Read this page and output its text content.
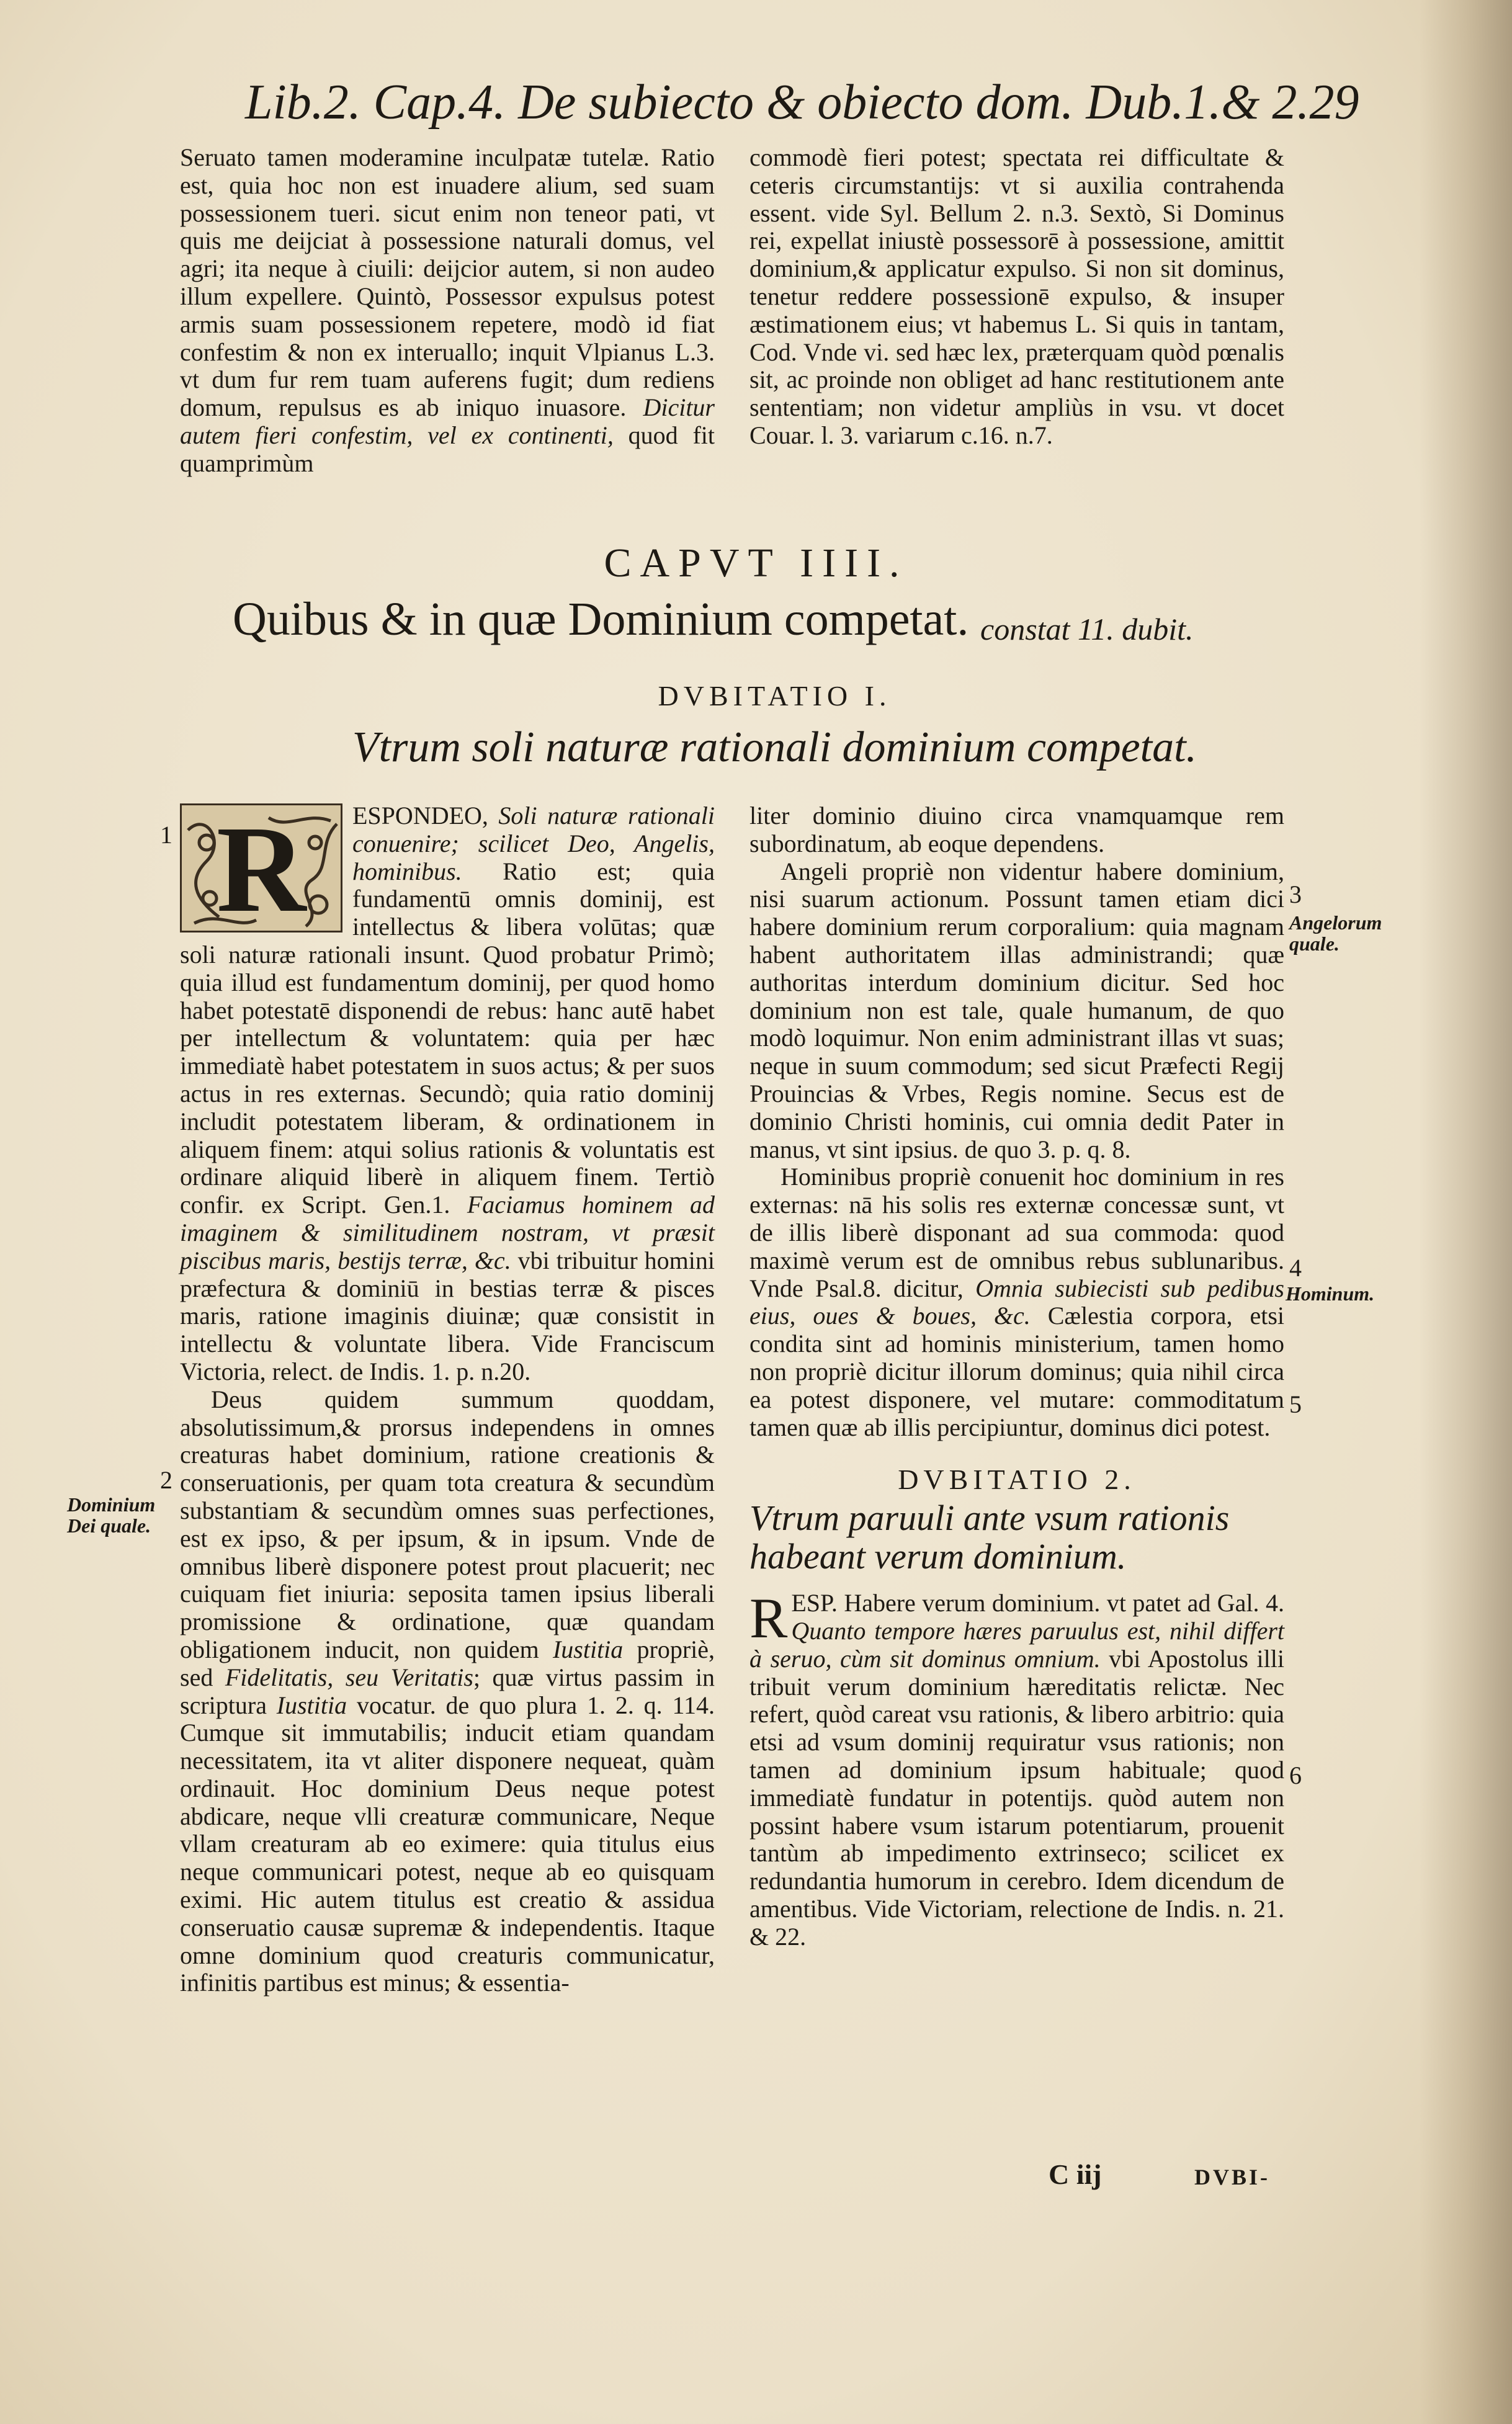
Lib.2. Cap.4. De subiecto & obiecto dom. Dub.1.& 2. 29

Seruato tamen moderamine inculpatæ tutelæ. Ratio est, quia hoc non est inuadere alium, sed suam possessionem tueri. sicut enim non teneor pati, vt quis me deijciat à possessione naturali domus, vel agri; ita neque à ciuili: deijcior autem, si non audeo illum expellere. Quintò, Possessor expulsus potest armis suam possessionem repetere, modò id fiat confestim & non ex interuallo; inquit Vlpianus L.3. vt dum fur rem tuam auferens fugit; dum rediens domum, repulsus es ab iniquo inuasore. Dicitur autem fieri confestim, vel ex continenti, quod fit quamprimùm

commodè fieri potest; spectata rei difficultate & ceteris circumstantijs: vt si auxilia contrahenda essent. vide Syl. Bellum 2. n.3. Sextò, Si Dominus rei, expellat iniustè possessorē à possessione, amittit dominium,& applicatur expulso. Si non sit dominus, tenetur reddere possessionē expulso, & insuper æstimationem eius; vt habemus L. Si quis in tantam, Cod. Vnde vi. sed hæc lex, præterquam quòd pœnalis sit, ac proinde non obliget ad hanc restitutionem ante sententiam; non videtur ampliùs in vsu. vt docet Couar. l. 3. variarum c.16. n.7.

CAPVT IIII.
Quibus & in quæ Dominium competat. constat 11. dubit.
DVBITATIO I.
Vtrum soli naturæ rationali dominium competat.
R	ESPONDEO, Soli naturæ rationali conuenire; scilicet Deo, Angelis, hominibus. Ratio est; quia fundamentū omnis dominij, est intellectus & libera volūtas; quæ soli naturæ rationali insunt. Quod probatur Primò; quia illud est fundamentum dominij, per quod homo habet potestatē disponendi de rebus: hanc autē habet per intellectum & voluntatem: quia per hæc immediatè habet potestatem in suos actus; & per suos actus in res externas. Secundò; quia ratio dominij includit potestatem liberam, & ordinationem in aliquem finem: atqui solius rationis & voluntatis est ordinare aliquid liberè in aliquem finem. Tertiò confir. ex Script. Gen.1. Faciamus hominem ad imaginem & similitudinem nostram, vt præsit piscibus maris, bestijs terræ, &c. vbi tribuitur homini præfectura & dominiū in bestias terræ & pisces maris, ratione imaginis diuinæ; quæ consistit in intellectu & voluntate libera. Vide Franciscum Victoria, relect. de Indis. 1. p. n.20.

Deus quidem summum quoddam, absolutissimum,& prorsus independens in omnes creaturas habet dominium, ratione creationis & conseruationis, per quam tota creatura & secundùm substantiam & secundùm omnes suas perfectiones, est ex ipso, & per ipsum, & in ipsum. Vnde de omnibus liberè disponere potest prout placuerit; nec cuiquam fiet iniuria: seposita tamen ipsius liberali promissione & ordinatione, quæ quandam obligationem inducit, non quidem Iustitia propriè, sed Fidelitatis, seu Veritatis; quæ virtus passim in scriptura Iustitia vocatur. de quo plura 1. 2. q. 114. Cumque sit immutabilis; inducit etiam quandam necessitatem, ita vt aliter disponere nequeat, quàm ordinauit. Hoc dominium Deus neque potest abdicare, neque vlli creaturæ communicare, Neque vllam creaturam ab eo eximere: quia titulus eius neque communicari potest, neque ab eo quisquam eximi. Hic autem titulus est creatio & assidua conseruatio causæ supremæ & independentis. Itaque omne dominium quod creaturis communicatur, infinitis partibus est minus; & essentia-

liter dominio diuino circa vnamquamque rem subordinatum, ab eoque dependens.

Angeli propriè non videntur habere dominium, nisi suarum actionum. Possunt tamen etiam dici habere dominium rerum corporalium: quia magnam habent authoritatem illas administrandi; quæ authoritas interdum dominium dicitur. Sed hoc dominium non est tale, quale humanum, de quo modò loquimur. Non enim administrant illas vt suas; neque in suum commodum; sed sicut Præfecti Regij Prouincias & Vrbes, Regis nomine. Secus est de dominio Christi hominis, cui omnia dedit Pater in manus, vt sint ipsius. de quo 3. p. q. 8.

Hominibus propriè conuenit hoc dominium in res externas: nā his solis res externæ concessæ sunt, vt de illis liberè disponant ad sua commoda: quod maximè verum est de omnibus rebus sublunaribus. Vnde Psal.8. dicitur, Omnia subiecisti sub pedibus eius, oues & boues, &c. Cælestia corpora, etsi condita sint ad hominis ministerium, tamen homo non propriè dicitur illorum dominus; quia nihil circa ea potest disponere, vel mutare: commoditatum tamen quæ ab illis percipiuntur, dominus dici potest.

DVBITATIO 2.
Vtrum paruuli ante vsum rationis habeant verum dominium.

R ESP. Habere verum dominium. vt patet ad Gal. 4. Quanto tempore hæres paruulus est, nihil differt à seruo, cùm sit dominus omnium. vbi Apostolus illi tribuit verum dominium hæreditatis relictæ. Nec refert, quòd careat vsu rationis, & libero arbitrio: quia etsi ad vsum dominij requiratur vsus rationis; non tamen ad dominium ipsum habituale; quod immediatè fundatur in potentijs. quòd autem non possint habere vsum istarum potentiarum, prouenit tantùm ab impedimento extrinseco; scilicet ex redundantia humorum in cerebro. Idem dicendum de amentibus. Vide Victoriam, relectione de Indis. n. 21. & 22.

1
2
Dominium Dei quale.
3
Angelorum quale.
4
Hominum.
5
6
C iij	DVBI-
